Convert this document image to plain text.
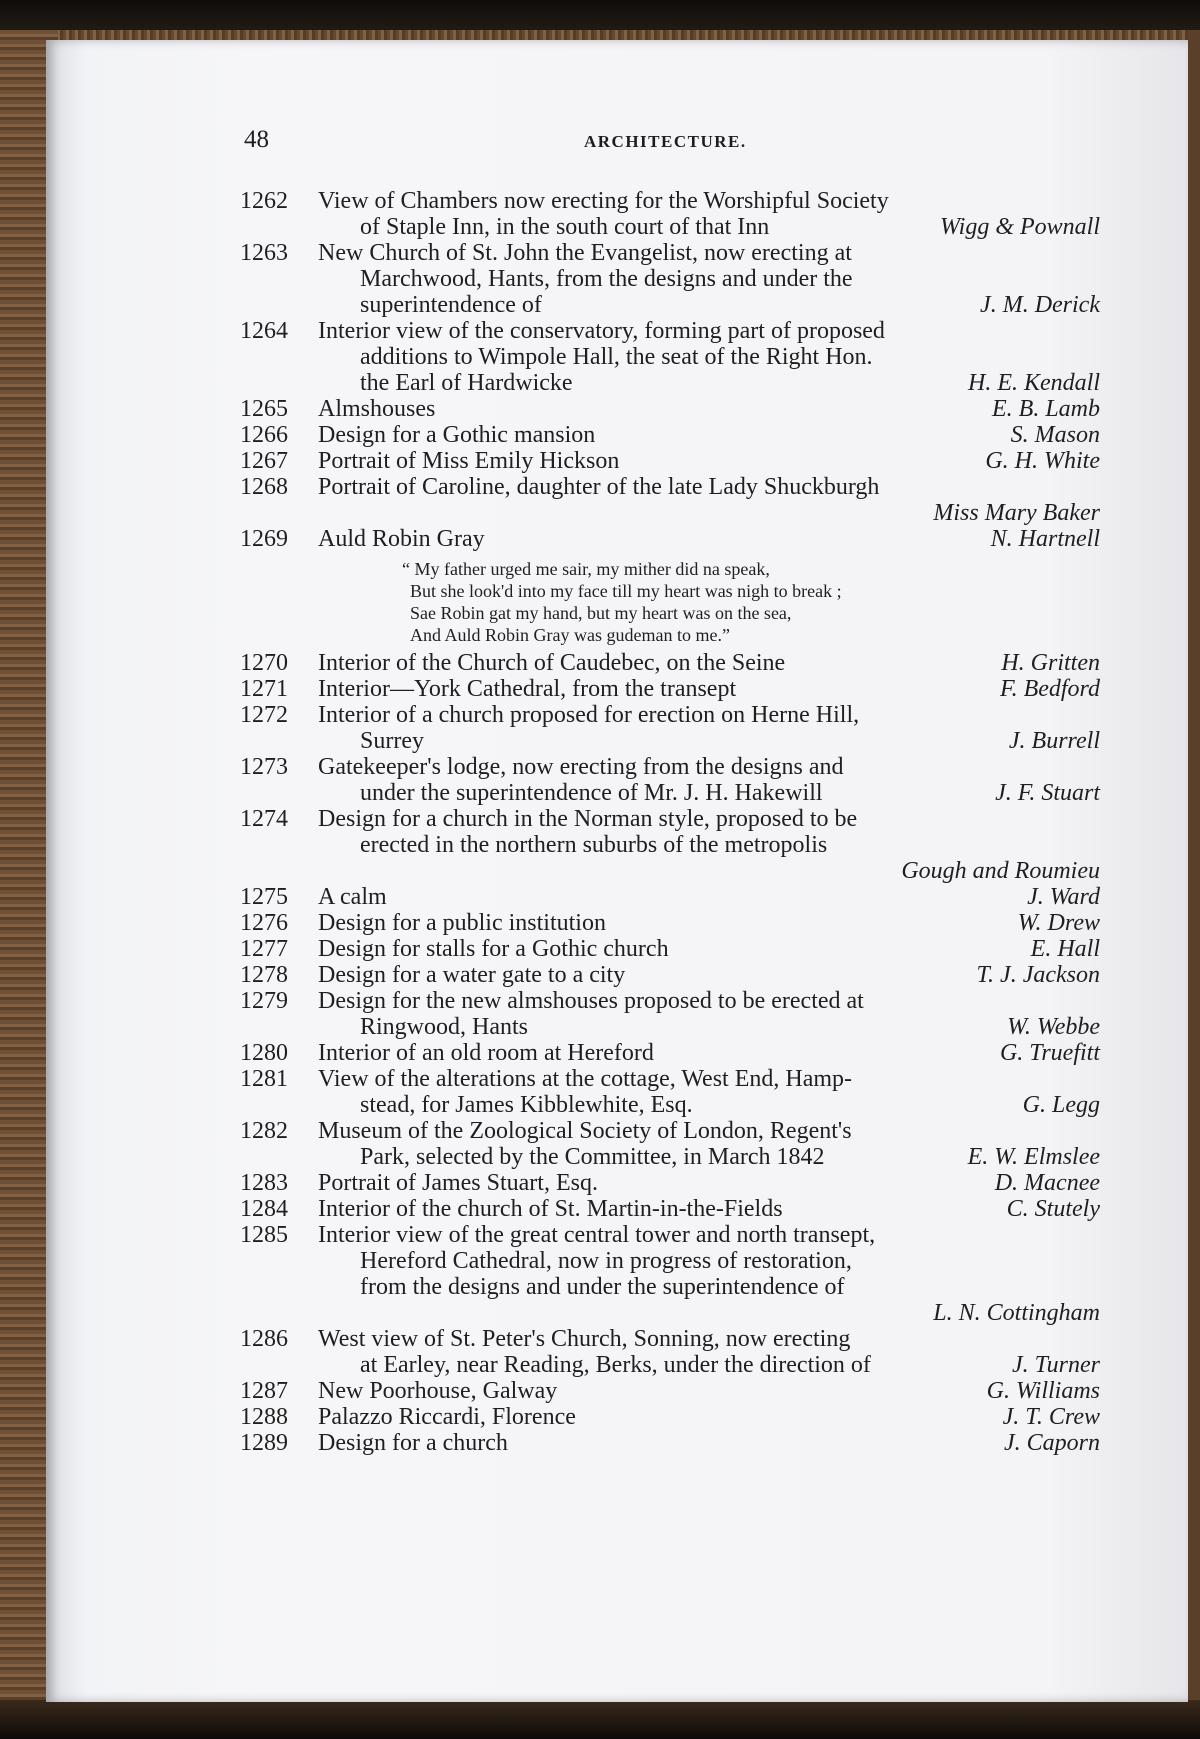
48	ARCHITECTURE.
1262	View of Chambers now erecting for the Worshipful Society
of Staple Inn, in the south court of that Inn	Wigg & Pownall
1263	New Church of St. John the Evangelist, now erecting at
Marchwood, Hants, from the designs and under the
superintendence of	J. M. Derick
1264	Interior view of the conservatory, forming part of proposed
additions to Wimpole Hall, the seat of the Right Hon.
the Earl of Hardwicke	H. E. Kendall
1265	Almshouses	E. B. Lamb
1266	Design for a Gothic mansion	S. Mason
1267	Portrait of Miss Emily Hickson	G. H. White
1268	Portrait of Caroline, daughter of the late Lady Shuckburgh
Miss Mary Baker
1269	Auld Robin Gray	N. Hartnell
“ My father urged me sair, my mither did na speak,
But she look'd into my face till my heart was nigh to break ;
Sae Robin gat my hand, but my heart was on the sea,
And Auld Robin Gray was gudeman to me.”
1270	Interior of the Church of Caudebec, on the Seine	H. Gritten
1271	Interior—York Cathedral, from the transept	F. Bedford
1272	Interior of a church proposed for erection on Herne Hill,
Surrey	J. Burrell
1273	Gatekeeper's lodge, now erecting from the designs and
under the superintendence of Mr. J. H. Hakewill	J. F. Stuart
1274	Design for a church in the Norman style, proposed to be
erected in the northern suburbs of the metropolis
Gough and Roumieu
1275	A calm	J. Ward
1276	Design for a public institution	W. Drew
1277	Design for stalls for a Gothic church	E. Hall
1278	Design for a water gate to a city	T. J. Jackson
1279	Design for the new almshouses proposed to be erected at
Ringwood, Hants	W. Webbe
1280	Interior of an old room at Hereford	G. Truefitt
1281	View of the alterations at the cottage, West End, Hamp-
stead, for James Kibblewhite, Esq.	G. Legg
1282	Museum of the Zoological Society of London, Regent's
Park, selected by the Committee, in March 1842	E. W. Elmslee
1283	Portrait of James Stuart, Esq.	D. Macnee
1284	Interior of the church of St. Martin-in-the-Fields	C. Stutely
1285	Interior view of the great central tower and north transept,
Hereford Cathedral, now in progress of restoration,
from the designs and under the superintendence of
L. N. Cottingham
1286	West view of St. Peter's Church, Sonning, now erecting
at Earley, near Reading, Berks, under the direction of	J. Turner
1287	New Poorhouse, Galway	G. Williams
1288	Palazzo Riccardi, Florence	J. T. Crew
1289	Design for a church	J. Caporn
